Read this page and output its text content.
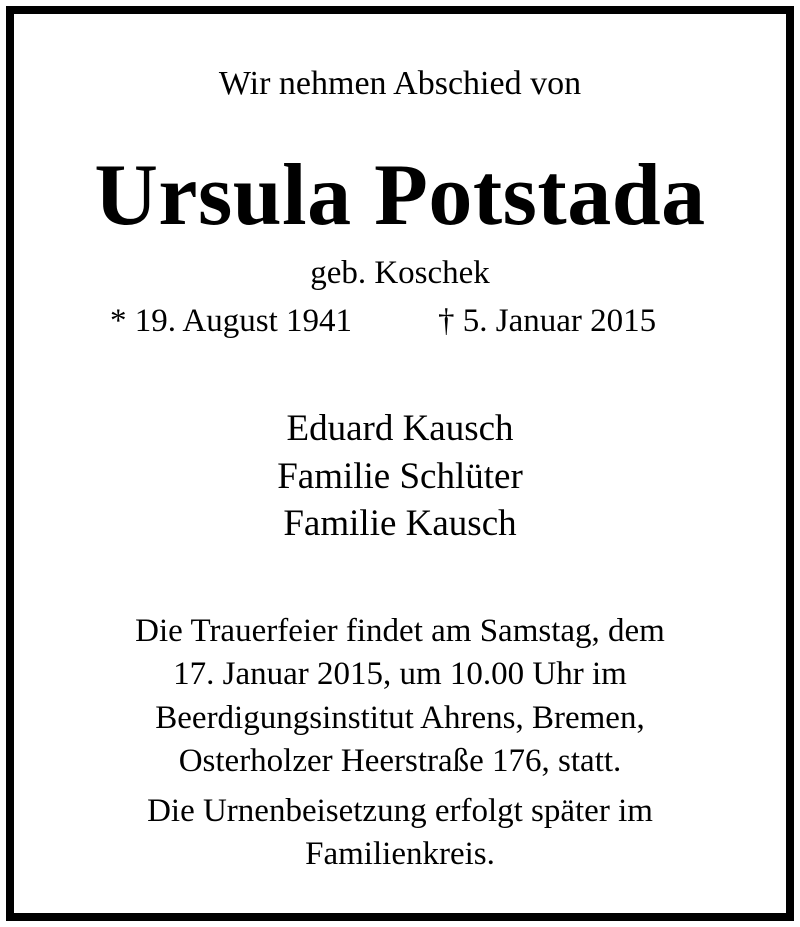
Wir nehmen Abschied von
Ursula Potstada
geb. Koschek
* 19. August 1941	† 5. Januar 2015
Eduard Kausch
Familie Schlüter
Familie Kausch
Die Trauerfeier findet am Samstag, dem
17. Januar 2015, um 10.00 Uhr im
Beerdigungsinstitut Ahrens, Bremen,
Osterholzer Heerstraße 176, statt.
Die Urnenbeisetzung erfolgt später im
Familienkreis.
